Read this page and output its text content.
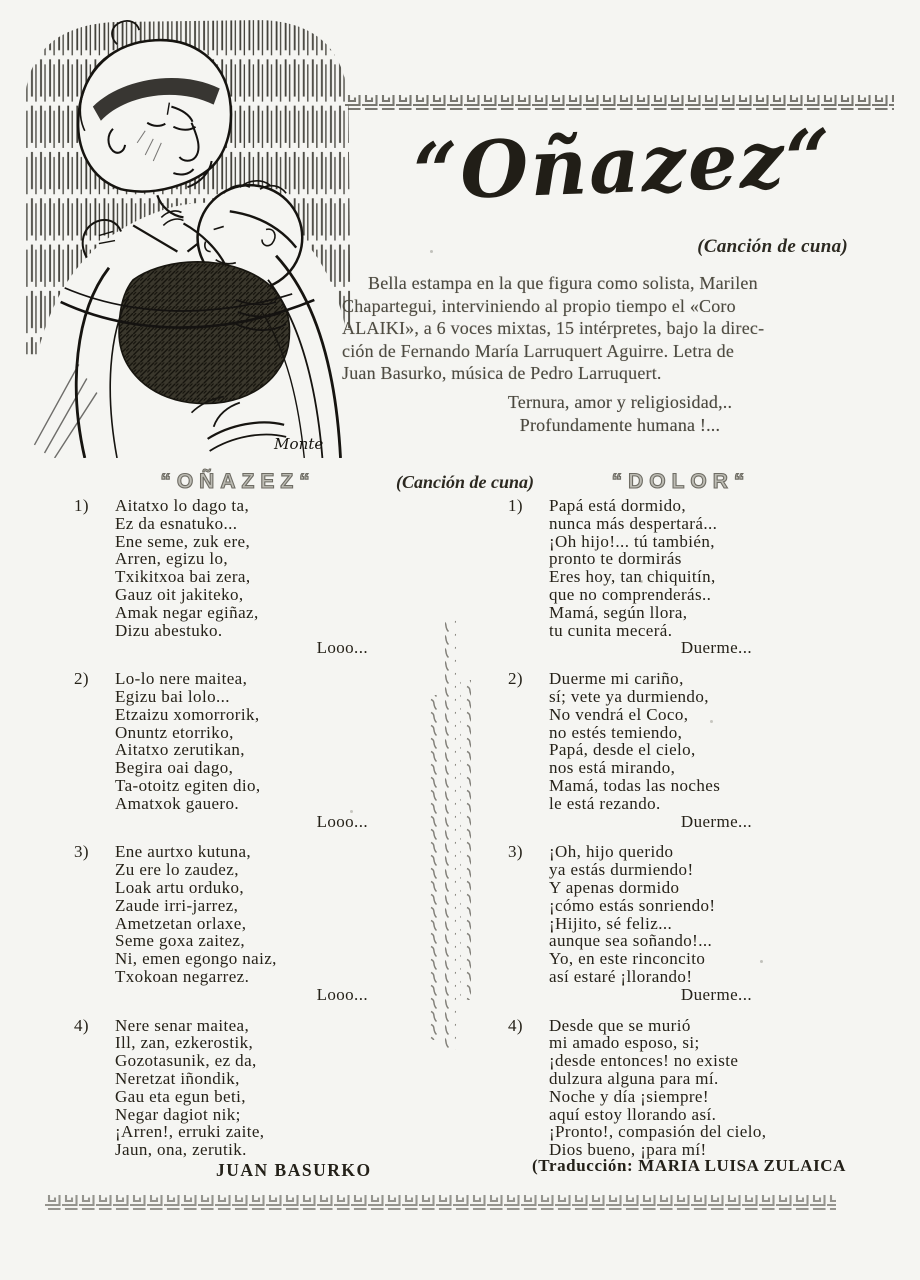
Monte
“Oñazez“
(Canción de cuna)
Bella estampa en la que figura como solista, Marilen
Chapartegui, interviniendo al propio tiempo el «Coro
ALAIKI», a 6 voces mixtas, 15 intérpretes, bajo la direc-
ción de Fernando María Larruquert Aguirre. Letra de
Juan Basurko, música de Pedro Larruquert.
Ternura, amor y religiosidad,..
Profundamente humana !...
“OÑAZEZ“	(Canción de cuna)	“DOLOR“
1)	Aitatxo lo dago ta,
Ez da esnatuko...
Ene seme, zuk ere,
Arren, egizu lo,
Txikitxoa bai zera,
Gauz oit jakiteko,
Amak negar egiñaz,
Dizu abestuko.
Looo...
2)	Lo-lo nere maitea,
Egizu bai lolo...
Etzaizu xomorrorik,
Onuntz etorriko,
Aitatxo zerutikan,
Begira oai dago,
Ta-otoitz egiten dio,
Amatxok gauero.
Looo...
3)	Ene aurtxo kutuna,
Zu ere lo zaudez,
Loak artu orduko,
Zaude irri-jarrez,
Ametzetan orlaxe,
Seme goxa zaitez,
Ni, emen egongo naiz,
Txokoan negarrez.
Looo...
4)	Nere senar maitea,
Ill, zan, ezkerostik,
Gozotasunik, ez da,
Neretzat iñondik,
Gau eta egun beti,
Negar dagiot nik;
¡Arren!, erruki zaite,
Jaun, ona, zerutik.
1)	Papá está dormido,
nunca más despertará...
¡Oh hijo!... tú también,
pronto te dormirás
Eres hoy, tan chiquitín,
que no comprenderás..
Mamá, según llora,
tu cunita mecerá.
Duerme...
2)	Duerme mi cariño,
sí; vete ya durmiendo,
No vendrá el Coco,
no estés temiendo,
Papá, desde el cielo,
nos está mirando,
Mamá, todas las noches
le está rezando.
Duerme...
3)	¡Oh, hijo querido
ya estás durmiendo!
Y apenas dormido
¡cómo estás sonriendo!
¡Hijito, sé feliz...
aunque sea soñando!...
Yo, en este rinconcito
así estaré ¡llorando!
Duerme...
4)	Desde que se murió
mi amado esposo, si;
¡desde entonces! no existe
dulzura alguna para mí.
Noche y día ¡siempre!
aquí estoy llorando así.
¡Pronto!, compasión del cielo,
Dios bueno, ¡para mí!
JUAN BASURKO	(Traducción: MARIA LUISA ZULAICA
